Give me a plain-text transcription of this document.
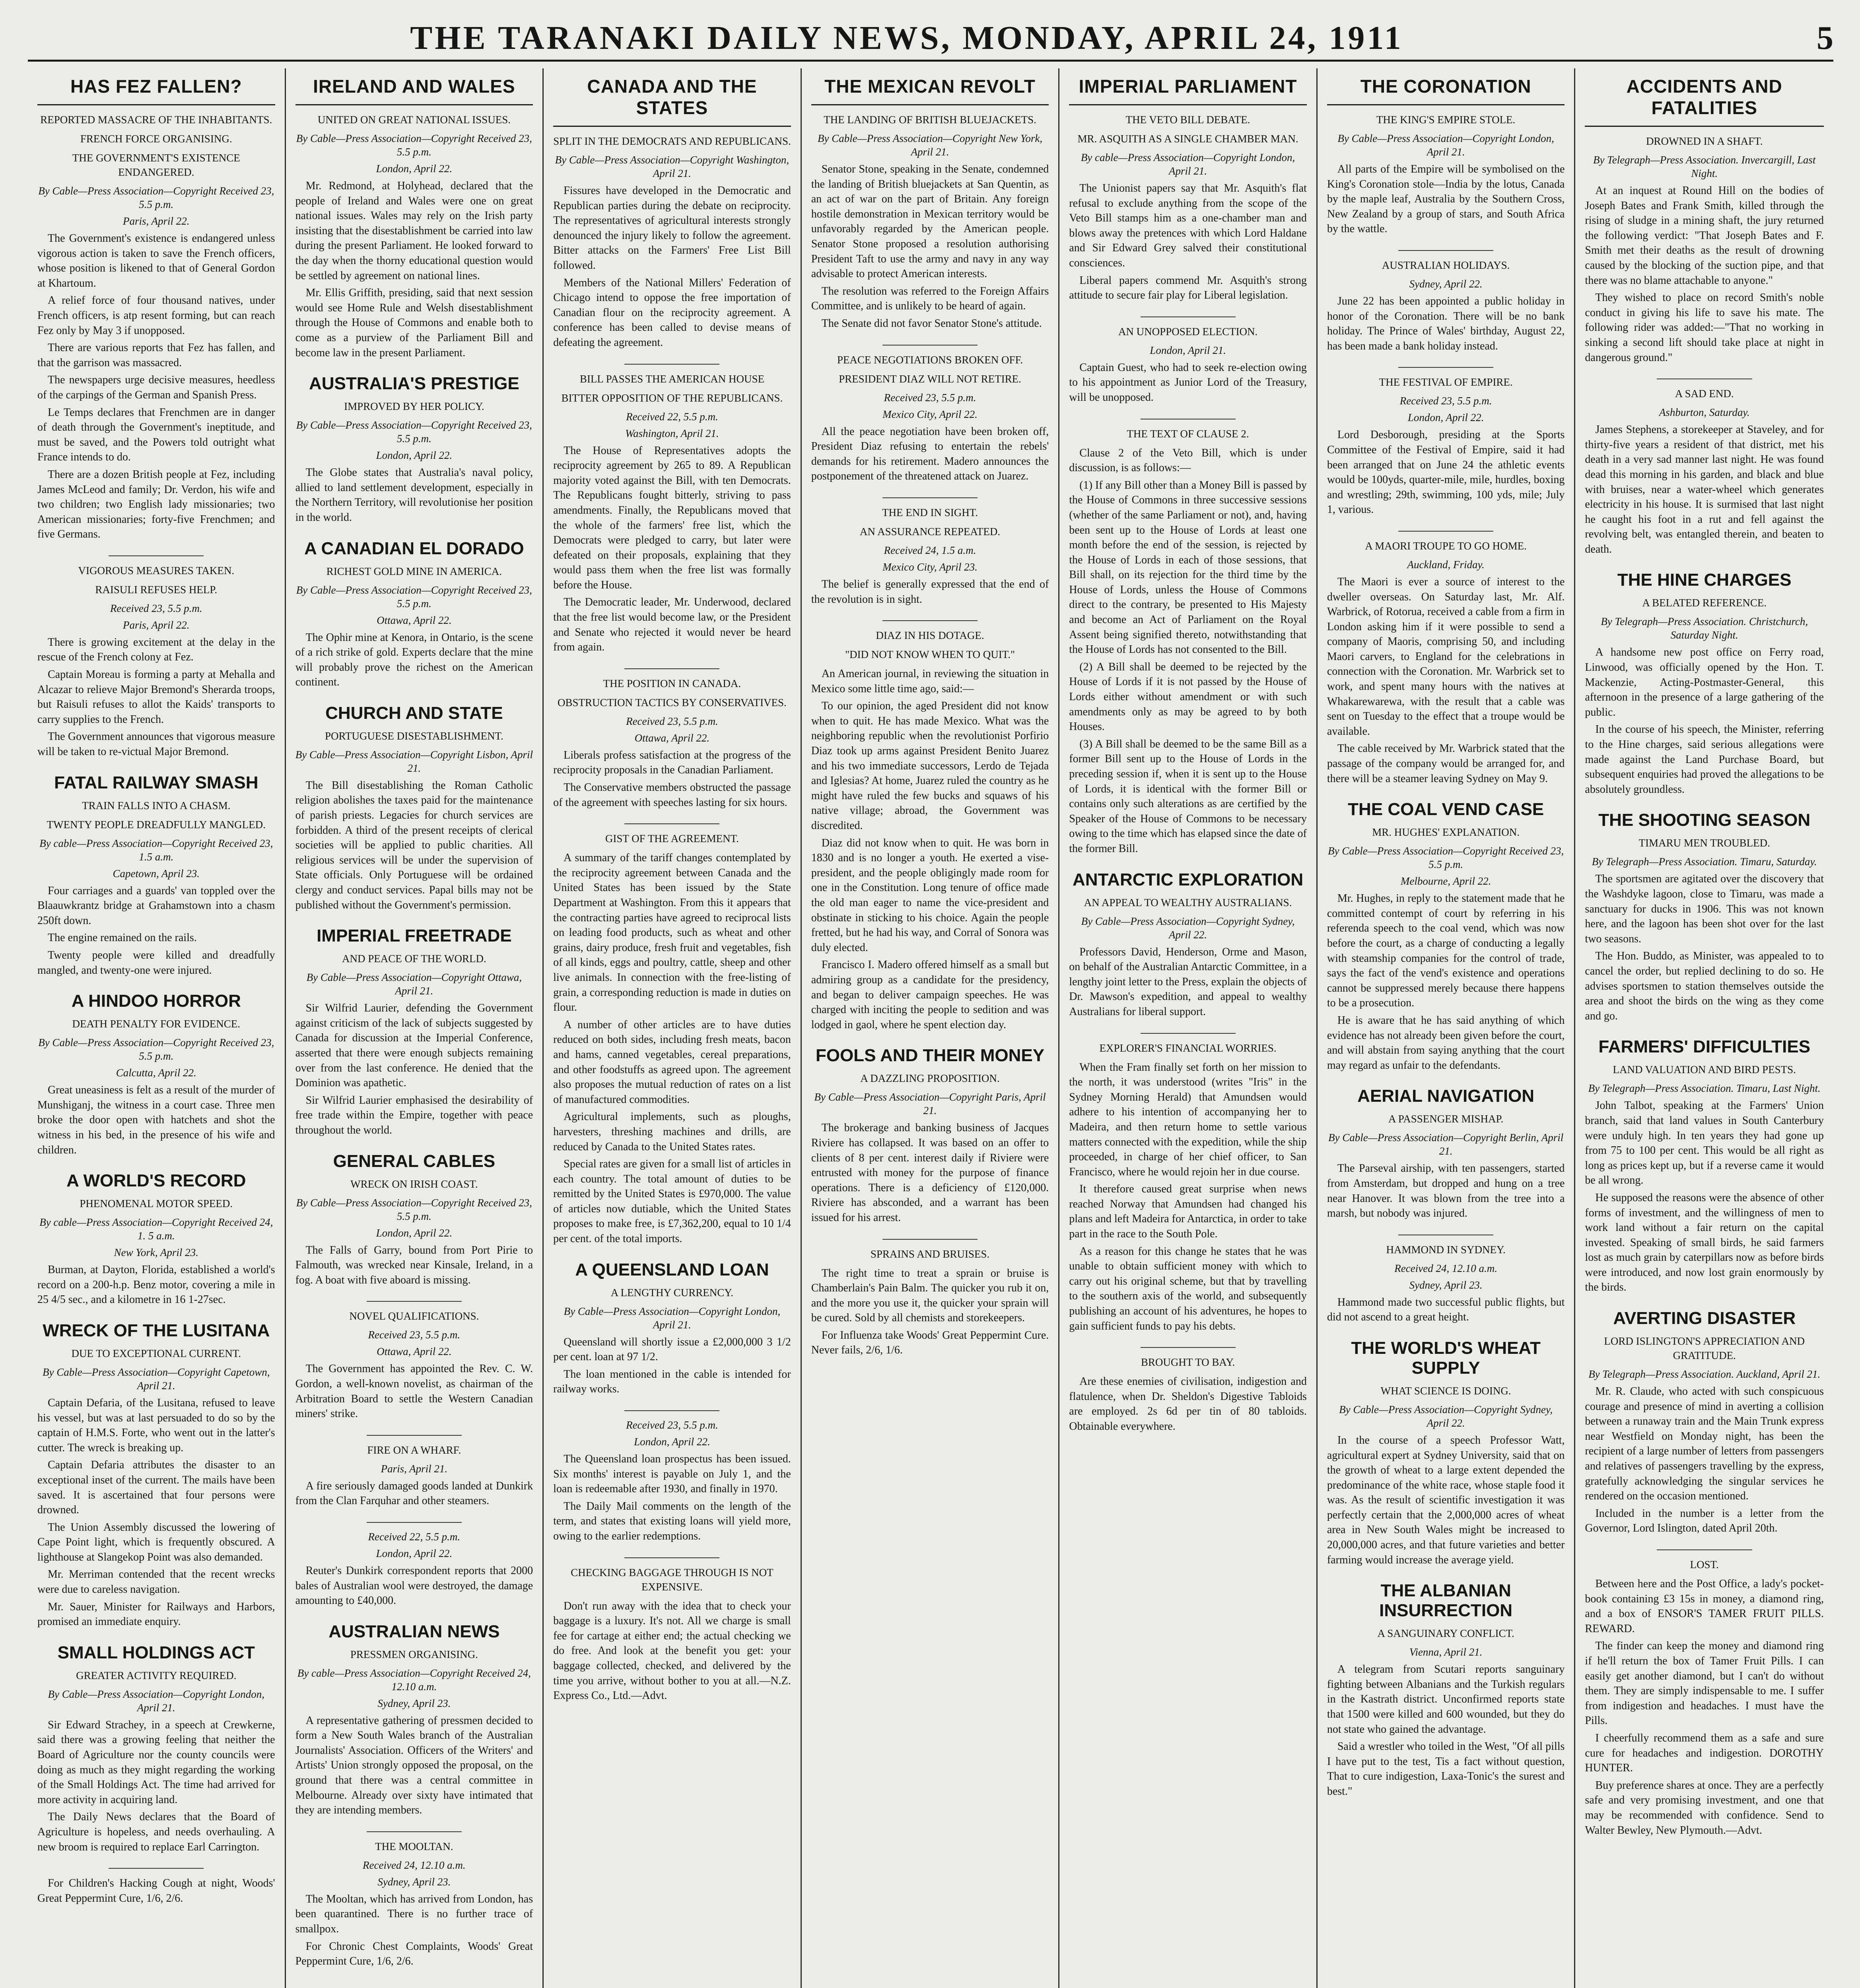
THE TARANAKI DAILY NEWS, MONDAY, APRIL 24, 1911	5
HAS FEZ FALLEN?
REPORTED MASSACRE OF THE INHABITANTS.
FRENCH FORCE ORGANISING.
THE GOVERNMENT'S EXISTENCE ENDANGERED.
By Cable—Press Association—Copyright Received 23, 5.5 p.m.
Paris, April 22.

The Government's existence is endangered unless vigorous action is taken to save the French officers, whose position is likened to that of General Gordon at Khartoum.

A relief force of four thousand natives, under French officers, is atp resent forming, but can reach Fez only by May 3 if unopposed.

There are various reports that Fez has fallen, and that the garrison was massacred.

The newspapers urge decisive measures, heedless of the carpings of the German and Spanish Press.

Le Temps declares that Frenchmen are in danger of death through the Government's ineptitude, and must be saved, and the Powers told outright what France intends to do.

There are a dozen British people at Fez, including James McLeod and family; Dr. Verdon, his wife and two children; two English lady missionaries; two American missionaries; forty-five Frenchmen; and five Germans.

VIGOROUS MEASURES TAKEN.
RAISULI REFUSES HELP.
Received 23, 5.5 p.m.
Paris, April 22.

There is growing excitement at the delay in the rescue of the French colony at Fez.

Captain Moreau is forming a party at Mehalla and Alcazar to relieve Major Bremond's Sherarda troops, but Raisuli refuses to allot the Kaids' transports to carry supplies to the French.

The Government announces that vigorous measure will be taken to re-victual Major Bremond.

FATAL RAILWAY SMASH
TRAIN FALLS INTO A CHASM.
TWENTY PEOPLE DREADFULLY MANGLED.
By cable—Press Association—Copyright Received 23, 1.5 a.m.
Capetown, April 23.

Four carriages and a guards' van toppled over the Blaauwkrantz bridge at Grahamstown into a chasm 250ft down.

The engine remained on the rails.

Twenty people were killed and dreadfully mangled, and twenty-one were injured.

A HINDOO HORROR
DEATH PENALTY FOR EVIDENCE.
By Cable—Press Association—Copyright Received 23, 5.5 p.m.
Calcutta, April 22.

Great uneasiness is felt as a result of the murder of Munshiganj, the witness in a court case. Three men broke the door open with hatchets and shot the witness in his bed, in the presence of his wife and children.

A WORLD'S RECORD
PHENOMENAL MOTOR SPEED.
By cable—Press Association—Copyright Received 24, 1. 5 a.m.
New York, April 23.

Burman, at Dayton, Florida, established a world's record on a 200-h.p. Benz motor, covering a mile in 25 4/5 sec., and a kilometre in 16 1-27sec.

WRECK OF THE LUSITANA
DUE TO EXCEPTIONAL CURRENT.
By Cable—Press Association—Copyright Capetown, April 21.

Captain Defaria, of the Lusitana, refused to leave his vessel, but was at last persuaded to do so by the captain of H.M.S. Forte, who went out in the latter's cutter. The wreck is breaking up.

Captain Defaria attributes the disaster to an exceptional inset of the current. The mails have been saved. It is ascertained that four persons were drowned.

The Union Assembly discussed the lowering of Cape Point light, which is frequently obscured. A lighthouse at Slangekop Point was also demanded.

Mr. Merriman contended that the recent wrecks were due to careless navigation.

Mr. Sauer, Minister for Railways and Harbors, promised an immediate enquiry.

SMALL HOLDINGS ACT
GREATER ACTIVITY REQUIRED.
By Cable—Press Association—Copyright London, April 21.

Sir Edward Strachey, in a speech at Crewkerne, said there was a growing feeling that neither the Board of Agriculture nor the county councils were doing as much as they might regarding the working of the Small Holdings Act. The time had arrived for more activity in acquiring land.

The Daily News declares that the Board of Agriculture is hopeless, and needs overhauling. A new broom is required to replace Earl Carrington.

For Children's Hacking Cough at night, Woods' Great Peppermint Cure, 1/6, 2/6.

IRELAND AND WALES
UNITED ON GREAT NATIONAL ISSUES.
By Cable—Press Association—Copyright Received 23, 5.5 p.m.
London, April 22.

Mr. Redmond, at Holyhead, declared that the people of Ireland and Wales were one on great national issues. Wales may rely on the Irish party insisting that the disestablishment be carried into law during the present Parliament. He looked forward to the day when the thorny educational question would be settled by agreement on national lines.

Mr. Ellis Griffith, presiding, said that next session would see Home Rule and Welsh disestablishment through the House of Commons and enable both to come as a purview of the Parliament Bill and become law in the present Parliament.

AUSTRALIA'S PRESTIGE
IMPROVED BY HER POLICY.
By Cable—Press Association—Copyright Received 23, 5.5 p.m.
London, April 22.

The Globe states that Australia's naval policy, allied to land settlement development, especially in the Northern Territory, will revolutionise her position in the world.

A CANADIAN EL DORADO
RICHEST GOLD MINE IN AMERICA.
By Cable—Press Association—Copyright Received 23, 5.5 p.m.
Ottawa, April 22.

The Ophir mine at Kenora, in Ontario, is the scene of a rich strike of gold. Experts declare that the mine will probably prove the richest on the American continent.

CHURCH AND STATE
PORTUGUESE DISESTABLISHMENT.
By Cable—Press Association—Copyright Lisbon, April 21.

The Bill disestablishing the Roman Catholic religion abolishes the taxes paid for the maintenance of parish priests. Legacies for church services are forbidden. A third of the present receipts of clerical societies will be applied to public charities. All religious services will be under the supervision of State officials. Only Portuguese will be ordained clergy and conduct services. Papal bills may not be published without the Government's permission.

IMPERIAL FREETRADE
AND PEACE OF THE WORLD.
By Cable—Press Association—Copyright Ottawa, April 21.

Sir Wilfrid Laurier, defending the Government against criticism of the lack of subjects suggested by Canada for discussion at the Imperial Conference, asserted that there were enough subjects remaining over from the last conference. He denied that the Dominion was apathetic.

Sir Wilfrid Laurier emphasised the desirability of free trade within the Empire, together with peace throughout the world.

GENERAL CABLES
WRECK ON IRISH COAST.
By Cable—Press Association—Copyright Received 23, 5.5 p.m.
London, April 22.

The Falls of Garry, bound from Port Pirie to Falmouth, was wrecked near Kinsale, Ireland, in a fog. A boat with five aboard is missing.

NOVEL QUALIFICATIONS.
Received 23, 5.5 p.m.
Ottawa, April 22.

The Government has appointed the Rev. C. W. Gordon, a well-known novelist, as chairman of the Arbitration Board to settle the Western Canadian miners' strike.

FIRE ON A WHARF.
Paris, April 21.

A fire seriously damaged goods landed at Dunkirk from the Clan Farquhar and other steamers.

Received 22, 5.5 p.m.
London, April 22.

Reuter's Dunkirk correspondent reports that 2000 bales of Australian wool were destroyed, the damage amounting to £40,000.

AUSTRALIAN NEWS
PRESSMEN ORGANISING.
By cable—Press Association—Copyright Received 24, 12.10 a.m.
Sydney, April 23.

A representative gathering of pressmen decided to form a New South Wales branch of the Australian Journalists' Association. Officers of the Writers' and Artists' Union strongly opposed the proposal, on the ground that there was a central committee in Melbourne. Already over sixty have intimated that they are intending members.

THE MOOLTAN.
Received 24, 12.10 a.m.
Sydney, April 23.

The Mooltan, which has arrived from London, has been quarantined. There is no further trace of smallpox.

For Chronic Chest Complaints, Woods' Great Peppermint Cure, 1/6, 2/6.

CANADA AND THE STATES
SPLIT IN THE DEMOCRATS AND REPUBLICANS.
By Cable—Press Association—Copyright Washington, April 21.

Fissures have developed in the Democratic and Republican parties during the debate on reciprocity. The representatives of agricultural interests strongly denounced the injury likely to follow the agreement. Bitter attacks on the Farmers' Free List Bill followed.

Members of the National Millers' Federation of Chicago intend to oppose the free importation of Canadian flour on the reciprocity agreement. A conference has been called to devise means of defeating the agreement.

BILL PASSES THE AMERICAN HOUSE
BITTER OPPOSITION OF THE REPUBLICANS.
Received 22, 5.5 p.m.
Washington, April 21.

The House of Representatives adopts the reciprocity agreement by 265 to 89. A Republican majority voted against the Bill, with ten Democrats. The Republicans fought bitterly, striving to pass amendments. Finally, the Republicans moved that the whole of the farmers' free list, which the Democrats were pledged to carry, but later were defeated on their proposals, explaining that they would pass them when the free list was formally before the House.

The Democratic leader, Mr. Underwood, declared that the free list would become law, or the President and Senate who rejected it would never be heard from again.

THE POSITION IN CANADA.
OBSTRUCTION TACTICS BY CONSERVATIVES.
Received 23, 5.5 p.m.
Ottawa, April 22.

Liberals profess satisfaction at the progress of the reciprocity proposals in the Canadian Parliament.

The Conservative members obstructed the passage of the agreement with speeches lasting for six hours.

GIST OF THE AGREEMENT.

A summary of the tariff changes contemplated by the reciprocity agreement between Canada and the United States has been issued by the State Department at Washington. From this it appears that the contracting parties have agreed to reciprocal lists on leading food products, such as wheat and other grains, dairy produce, fresh fruit and vegetables, fish of all kinds, eggs and poultry, cattle, sheep and other live animals. In connection with the free-listing of grain, a corresponding reduction is made in duties on flour.

A number of other articles are to have duties reduced on both sides, including fresh meats, bacon and hams, canned vegetables, cereal preparations, and other foodstuffs as agreed upon. The agreement also proposes the mutual reduction of rates on a list of manufactured commodities.

Agricultural implements, such as ploughs, harvesters, threshing machines and drills, are reduced by Canada to the United States rates.

Special rates are given for a small list of articles in each country. The total amount of duties to be remitted by the United States is £970,000. The value of articles now dutiable, which the United States proposes to make free, is £7,362,200, equal to 10 1/4 per cent. of the total imports.

A QUEENSLAND LOAN
A LENGTHY CURRENCY.
By Cable—Press Association—Copyright London, April 21.

Queensland will shortly issue a £2,000,000 3 1/2 per cent. loan at 97 1/2.

The loan mentioned in the cable is intended for railway works.

Received 23, 5.5 p.m.
London, April 22.

The Queensland loan prospectus has been issued. Six months' interest is payable on July 1, and the loan is redeemable after 1930, and finally in 1970.

The Daily Mail comments on the length of the term, and states that existing loans will yield more, owing to the earlier redemptions.

CHECKING BAGGAGE THROUGH IS NOT EXPENSIVE.

Don't run away with the idea that to check your baggage is a luxury. It's not. All we charge is small fee for cartage at either end; the actual checking we do free. And look at the benefit you get: your baggage collected, checked, and delivered by the time you arrive, without bother to you at all.—N.Z. Express Co., Ltd.—Advt.

THE MEXICAN REVOLT
THE LANDING OF BRITISH BLUEJACKETS.
By Cable—Press Association—Copyright New York, April 21.

Senator Stone, speaking in the Senate, condemned the landing of British bluejackets at San Quentin, as an act of war on the part of Britain. Any foreign hostile demonstration in Mexican territory would be unfavorably regarded by the American people. Senator Stone proposed a resolution authorising President Taft to use the army and navy in any way advisable to protect American interests.

The resolution was referred to the Foreign Affairs Committee, and is unlikely to be heard of again.

The Senate did not favor Senator Stone's attitude.

PEACE NEGOTIATIONS BROKEN OFF.
PRESIDENT DIAZ WILL NOT RETIRE.
Received 23, 5.5 p.m.
Mexico City, April 22.

All the peace negotiation have been broken off, President Diaz refusing to entertain the rebels' demands for his retirement. Madero announces the postponement of the threatened attack on Juarez.

THE END IN SIGHT.
AN ASSURANCE REPEATED.
Received 24, 1.5 a.m.
Mexico City, April 23.

The belief is generally expressed that the end of the revolution is in sight.

DIAZ IN HIS DOTAGE.
"DID NOT KNOW WHEN TO QUIT."

An American journal, in reviewing the situation in Mexico some little time ago, said:—

To our opinion, the aged President did not know when to quit. He has made Mexico. What was the neighboring republic when the revolutionist Porfirio Diaz took up arms against President Benito Juarez and his two immediate successors, Lerdo de Tejada and Iglesias? At home, Juarez ruled the country as he might have ruled the few bucks and squaws of his native village; abroad, the Government was discredited.

Diaz did not know when to quit. He was born in 1830 and is no longer a youth. He exerted a vise-president, and the people obligingly made room for one in the Constitution. Long tenure of office made the old man eager to name the vice-president and obstinate in sticking to his choice. Again the people fretted, but he had his way, and Corral of Sonora was duly elected.

Francisco I. Madero offered himself as a small but admiring group as a candidate for the presidency, and began to deliver campaign speeches. He was charged with inciting the people to sedition and was lodged in gaol, where he spent election day.

FOOLS AND THEIR MONEY
A DAZZLING PROPOSITION.
By Cable—Press Association—Copyright Paris, April 21.

The brokerage and banking business of Jacques Riviere has collapsed. It was based on an offer to clients of 8 per cent. interest daily if Riviere were entrusted with money for the purpose of finance operations. There is a deficiency of £120,000. Riviere has absconded, and a warrant has been issued for his arrest.

SPRAINS AND BRUISES.

The right time to treat a sprain or bruise is Chamberlain's Pain Balm. The quicker you rub it on, and the more you use it, the quicker your sprain will be cured. Sold by all chemists and storekeepers.

For Influenza take Woods' Great Peppermint Cure. Never fails, 2/6, 1/6.

IMPERIAL PARLIAMENT
THE VETO BILL DEBATE.
MR. ASQUITH AS A SINGLE CHAMBER MAN.
By cable—Press Association—Copyright London, April 21.

The Unionist papers say that Mr. Asquith's flat refusal to exclude anything from the scope of the Veto Bill stamps him as a one-chamber man and blows away the pretences with which Lord Haldane and Sir Edward Grey salved their constitutional consciences.

Liberal papers commend Mr. Asquith's strong attitude to secure fair play for Liberal legislation.

AN UNOPPOSED ELECTION.
London, April 21.

Captain Guest, who had to seek re-election owing to his appointment as Junior Lord of the Treasury, will be unopposed.

THE TEXT OF CLAUSE 2.

Clause 2 of the Veto Bill, which is under discussion, is as follows:—

(1) If any Bill other than a Money Bill is passed by the House of Commons in three successive sessions (whether of the same Parliament or not), and, having been sent up to the House of Lords at least one month before the end of the session, is rejected by the House of Lords in each of those sessions, that Bill shall, on its rejection for the third time by the House of Lords, unless the House of Commons direct to the contrary, be presented to His Majesty and become an Act of Parliament on the Royal Assent being signified thereto, notwithstanding that the House of Lords has not consented to the Bill.

(2) A Bill shall be deemed to be rejected by the House of Lords if it is not passed by the House of Lords either without amendment or with such amendments only as may be agreed to by both Houses.

(3) A Bill shall be deemed to be the same Bill as a former Bill sent up to the House of Lords in the preceding session if, when it is sent up to the House of Lords, it is identical with the former Bill or contains only such alterations as are certified by the Speaker of the House of Commons to be necessary owing to the time which has elapsed since the date of the former Bill.

ANTARCTIC EXPLORATION
AN APPEAL TO WEALTHY AUSTRALIANS.
By Cable—Press Association—Copyright Sydney, April 22.

Professors David, Henderson, Orme and Mason, on behalf of the Australian Antarctic Committee, in a lengthy joint letter to the Press, explain the objects of Dr. Mawson's expedition, and appeal to wealthy Australians for liberal support.

EXPLORER'S FINANCIAL WORRIES.

When the Fram finally set forth on her mission to the north, it was understood (writes "Iris" in the Sydney Morning Herald) that Amundsen would adhere to his intention of accompanying her to Madeira, and then return home to settle various matters connected with the expedition, while the ship proceeded, in charge of her chief officer, to San Francisco, where he would rejoin her in due course.

It therefore caused great surprise when news reached Norway that Amundsen had changed his plans and left Madeira for Antarctica, in order to take part in the race to the South Pole.

As a reason for this change he states that he was unable to obtain sufficient money with which to carry out his original scheme, but that by travelling to the southern axis of the world, and subsequently publishing an account of his adventures, he hopes to gain sufficient funds to pay his debts.

BROUGHT TO BAY.

Are these enemies of civilisation, indigestion and flatulence, when Dr. Sheldon's Digestive Tabloids are employed. 2s 6d per tin of 80 tabloids. Obtainable everywhere.

THE CORONATION
THE KING'S EMPIRE STOLE.
By Cable—Press Association—Copyright London, April 21.

All parts of the Empire will be symbolised on the King's Coronation stole—India by the lotus, Canada by the maple leaf, Australia by the Southern Cross, New Zealand by a group of stars, and South Africa by the wattle.

AUSTRALIAN HOLIDAYS.
Sydney, April 22.

June 22 has been appointed a public holiday in honor of the Coronation. There will be no bank holiday. The Prince of Wales' birthday, August 22, has been made a bank holiday instead.

THE FESTIVAL OF EMPIRE.
Received 23, 5.5 p.m.
London, April 22.

Lord Desborough, presiding at the Sports Committee of the Festival of Empire, said it had been arranged that on June 24 the athletic events would be 100yds, quarter-mile, mile, hurdles, boxing and wrestling; 29th, swimming, 100 yds, mile; July 1, various.

A MAORI TROUPE TO GO HOME.
Auckland, Friday.

The Maori is ever a source of interest to the dweller overseas. On Saturday last, Mr. Alf. Warbrick, of Rotorua, received a cable from a firm in London asking him if it were possible to send a company of Maoris, comprising 50, and including Maori carvers, to England for the celebrations in connection with the Coronation. Mr. Warbrick set to work, and spent many hours with the natives at Whakarewarewa, with the result that a cable was sent on Tuesday to the effect that a troupe would be available.

The cable received by Mr. Warbrick stated that the passage of the company would be arranged for, and there will be a steamer leaving Sydney on May 9.

THE COAL VEND CASE
MR. HUGHES' EXPLANATION.
By Cable—Press Association—Copyright Received 23, 5.5 p.m.
Melbourne, April 22.

Mr. Hughes, in reply to the statement made that he committed contempt of court by referring in his referenda speech to the coal vend, which was now before the court, as a charge of conducting a legally with steamship companies for the control of trade, says the fact of the vend's existence and operations cannot be suppressed merely because there happens to be a prosecution.

He is aware that he has said anything of which evidence has not already been given before the court, and will abstain from saying anything that the court may regard as unfair to the defendants.

AERIAL NAVIGATION
A PASSENGER MISHAP.
By Cable—Press Association—Copyright Berlin, April 21.

The Parseval airship, with ten passengers, started from Amsterdam, but dropped and hung on a tree near Hanover. It was blown from the tree into a marsh, but nobody was injured.

HAMMOND IN SYDNEY.
Received 24, 12.10 a.m.
Sydney, April 23.

Hammond made two successful public flights, but did not ascend to a great height.

THE WORLD'S WHEAT SUPPLY
WHAT SCIENCE IS DOING.
By Cable—Press Association—Copyright Sydney, April 22.

In the course of a speech Professor Watt, agricultural expert at Sydney University, said that on the growth of wheat to a large extent depended the predominance of the white race, whose staple food it was. As the result of scientific investigation it was perfectly certain that the 2,000,000 acres of wheat area in New South Wales might be increased to 20,000,000 acres, and that future varieties and better farming would increase the average yield.

THE ALBANIAN INSURRECTION
A SANGUINARY CONFLICT.
Vienna, April 21.

A telegram from Scutari reports sanguinary fighting between Albanians and the Turkish regulars in the Kastrath district. Unconfirmed reports state that 1500 were killed and 600 wounded, but they do not state who gained the advantage.

Said a wrestler who toiled in the West, "Of all pills I have put to the test, Tis a fact without question, That to cure indigestion, Laxa-Tonic's the surest and best."

ACCIDENTS AND FATALITIES
DROWNED IN A SHAFT.
By Telegraph—Press Association. Invercargill, Last Night.

At an inquest at Round Hill on the bodies of Joseph Bates and Frank Smith, killed through the rising of sludge in a mining shaft, the jury returned the following verdict: "That Joseph Bates and F. Smith met their deaths as the result of drowning caused by the blocking of the suction pipe, and that there was no blame attachable to anyone."

They wished to place on record Smith's noble conduct in giving his life to save his mate. The following rider was added:—"That no working in sinking a second lift should take place at night in dangerous ground."

A SAD END.
Ashburton, Saturday.

James Stephens, a storekeeper at Staveley, and for thirty-five years a resident of that district, met his death in a very sad manner last night. He was found dead this morning in his garden, and black and blue with bruises, near a water-wheel which generates electricity in his house. It is surmised that last night he caught his foot in a rut and fell against the revolving belt, was entangled therein, and beaten to death.

THE HINE CHARGES
A BELATED REFERENCE.
By Telegraph—Press Association. Christchurch, Saturday Night.

A handsome new post office on Ferry road, Linwood, was officially opened by the Hon. T. Mackenzie, Acting-Postmaster-General, this afternoon in the presence of a large gathering of the public.

In the course of his speech, the Minister, referring to the Hine charges, said serious allegations were made against the Land Purchase Board, but subsequent enquiries had proved the allegations to be absolutely groundless.

THE SHOOTING SEASON
TIMARU MEN TROUBLED.
By Telegraph—Press Association. Timaru, Saturday.

The sportsmen are agitated over the discovery that the Washdyke lagoon, close to Timaru, was made a sanctuary for ducks in 1906. This was not known here, and the lagoon has been shot over for the last two seasons.

The Hon. Buddo, as Minister, was appealed to to cancel the order, but replied declining to do so. He advises sportsmen to station themselves outside the area and shoot the birds on the wing as they come and go.

FARMERS' DIFFICULTIES
LAND VALUATION AND BIRD PESTS.
By Telegraph—Press Association. Timaru, Last Night.

John Talbot, speaking at the Farmers' Union branch, said that land values in South Canterbury were unduly high. In ten years they had gone up from 75 to 100 per cent. This would be all right as long as prices kept up, but if a reverse came it would be all wrong.

He supposed the reasons were the absence of other forms of investment, and the willingness of men to work land without a fair return on the capital invested. Speaking of small birds, he said farmers lost as much grain by caterpillars now as before birds were introduced, and now lost grain enormously by the birds.

AVERTING DISASTER
LORD ISLINGTON'S APPRECIATION AND GRATITUDE.
By Telegraph—Press Association. Auckland, April 21.

Mr. R. Claude, who acted with such conspicuous courage and presence of mind in averting a collision between a runaway train and the Main Trunk express near Westfield on Monday night, has been the recipient of a large number of letters from passengers and relatives of passengers travelling by the express, gratefully acknowledging the singular services he rendered on the occasion mentioned.

Included in the number is a letter from the Governor, Lord Islington, dated April 20th.

LOST.

Between here and the Post Office, a lady's pocket-book containing £3 15s in money, a diamond ring, and a box of ENSOR'S TAMER FRUIT PILLS. REWARD.

The finder can keep the money and diamond ring if he'll return the box of Tamer Fruit Pills. I can easily get another diamond, but I can't do without them. They are simply indispensable to me. I suffer from indigestion and headaches. I must have the Pills.

I cheerfully recommend them as a safe and sure cure for headaches and indigestion. DOROTHY HUNTER.

Buy preference shares at once. They are a perfectly safe and very promising investment, and one that may be recommended with confidence. Send to Walter Bewley, New Plymouth.—Advt.
